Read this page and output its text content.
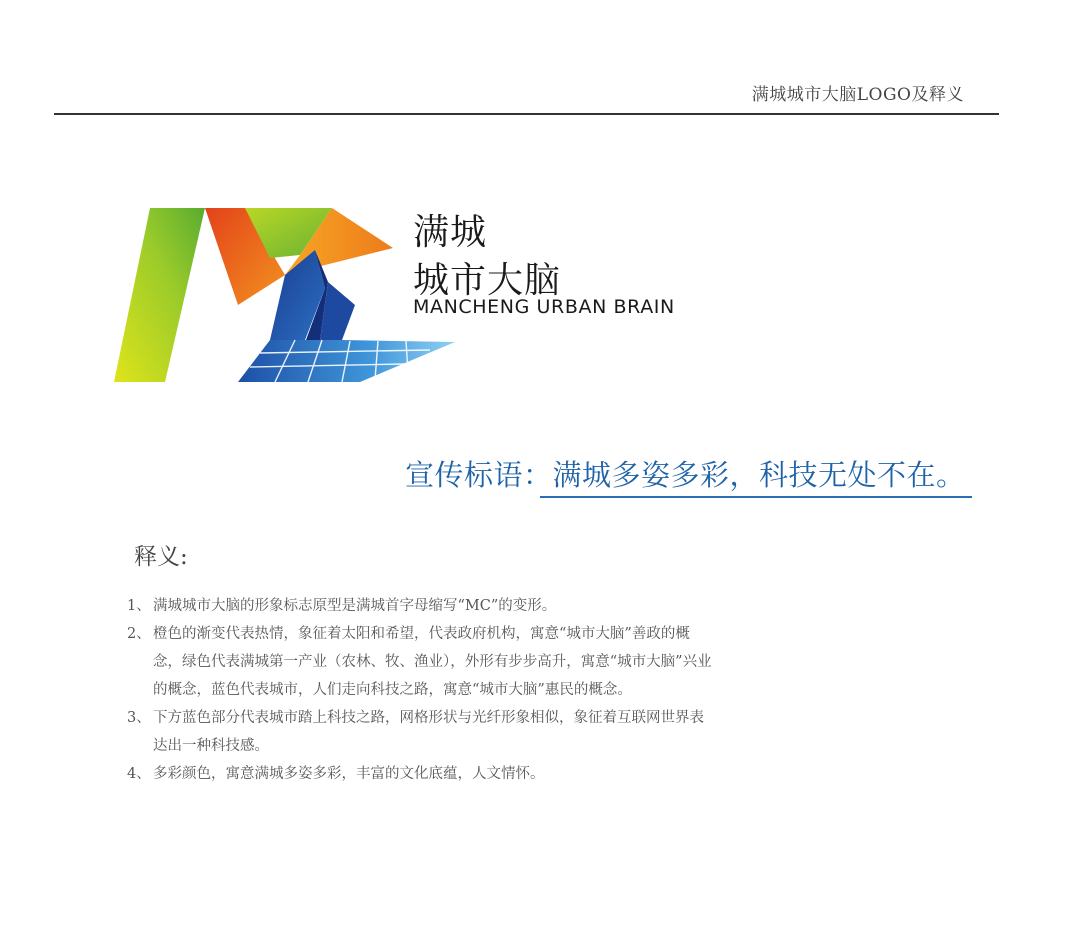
满城城市大脑LOGO及释义
满城
城市大脑
MANCHENG URBAN BRAIN
宣传标语：满城多姿多彩，科技无处不在。
释义:
1、 满城城市大脑的形象标志原型是满城首字母缩写“MC”的变形。
2、 橙色的渐变代表热情，象征着太阳和希望，代表政府机构，寓意“城市大脑”善政的概念，绿色代表满城第一产业（农林、牧、渔业），外形有步步高升，寓意“城市大脑”兴业的概念，蓝色代表城市，人们走向科技之路，寓意“城市大脑”惠民的概念。
3、 下方蓝色部分代表城市踏上科技之路，网格形状与光纤形象相似，象征着互联网世界表达出一种科技感。
4、 多彩颜色，寓意满城多姿多彩，丰富的文化底蕴，人文情怀。
